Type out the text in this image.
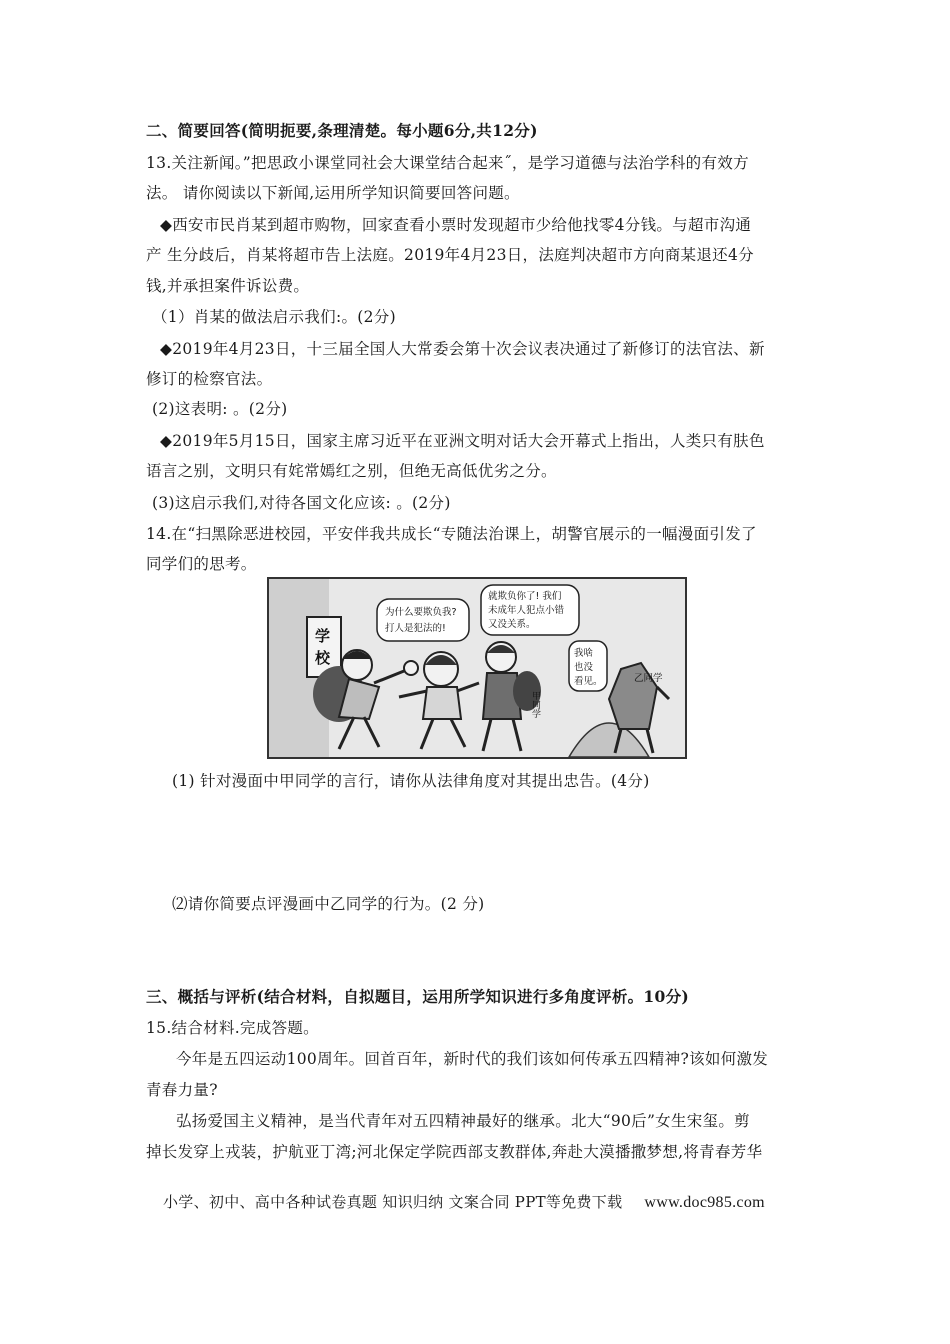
二、简要回答(简明扼要,条理清楚。每小题6分,共12分)
13.关注新闻。”把思政小课堂同社会大课堂结合起来˝，是学习道德与法治学科的有效方
法。 请你阅读以下新闻,运用所学知识简要回答问题。
◆西安市民肖某到超市购物，回家查看小票时发现超市少给他找零4分钱。与超市沟通
产 生分歧后，肖某将超市告上法庭。2019年4月23日，法庭判决超市方向商某退还4分
钱,并承担案件诉讼费。
（1）肖某的做法启示我们:。(2分)
◆2019年4月23日，十三届全国人大常委会第十次会议表决通过了新修订的法官法、新
修订的检察官法。
(2)这表明: 。(2分)
◆2019年5月15日，国家主席习近平在亚洲文明对话大会开幕式上指出，人类只有肤色
语言之别，文明只有姹常嫣红之别，但绝无高低优劣之分。
(3)这启示我们,对待各国文化应该: 。(2分)
14.在“扫黑除恶进校园，平安伴我共成长“专随法治课上，胡警官展示的一幅漫面引发了
同学们的思考。
学
校
甲同学
乙同学
为什么要欺负我?
打人是犯法的!
就欺负你了! 我们
未成年人犯点小错
又没关系。
我啥
也没
看见。
(1) 针对漫面中甲同学的言行，请你从法律角度对其提出忠告。(4分)
⑵请你简要点评漫画中乙同学的行为。(2 分)
三、概括与评析(结合材料，自拟题目，运用所学知识进行多角度评析。10分)
15.结合材料.完成答题。
今年是五四运动100周年。回首百年，新时代的我们该如何传承五四精神?该如何激发
青春力量?
弘扬爱国主义精神，是当代青年对五四精神最好的继承。北大“90后”女生宋玺。剪
掉长发穿上戎装，护航亚丁湾;河北保定学院西部支教群体,奔赴大漠播撒梦想,将青春芳华
小学、初中、高中各种试卷真题 知识归纳 文案合同 PPT等免费下载 www.doc985.com
